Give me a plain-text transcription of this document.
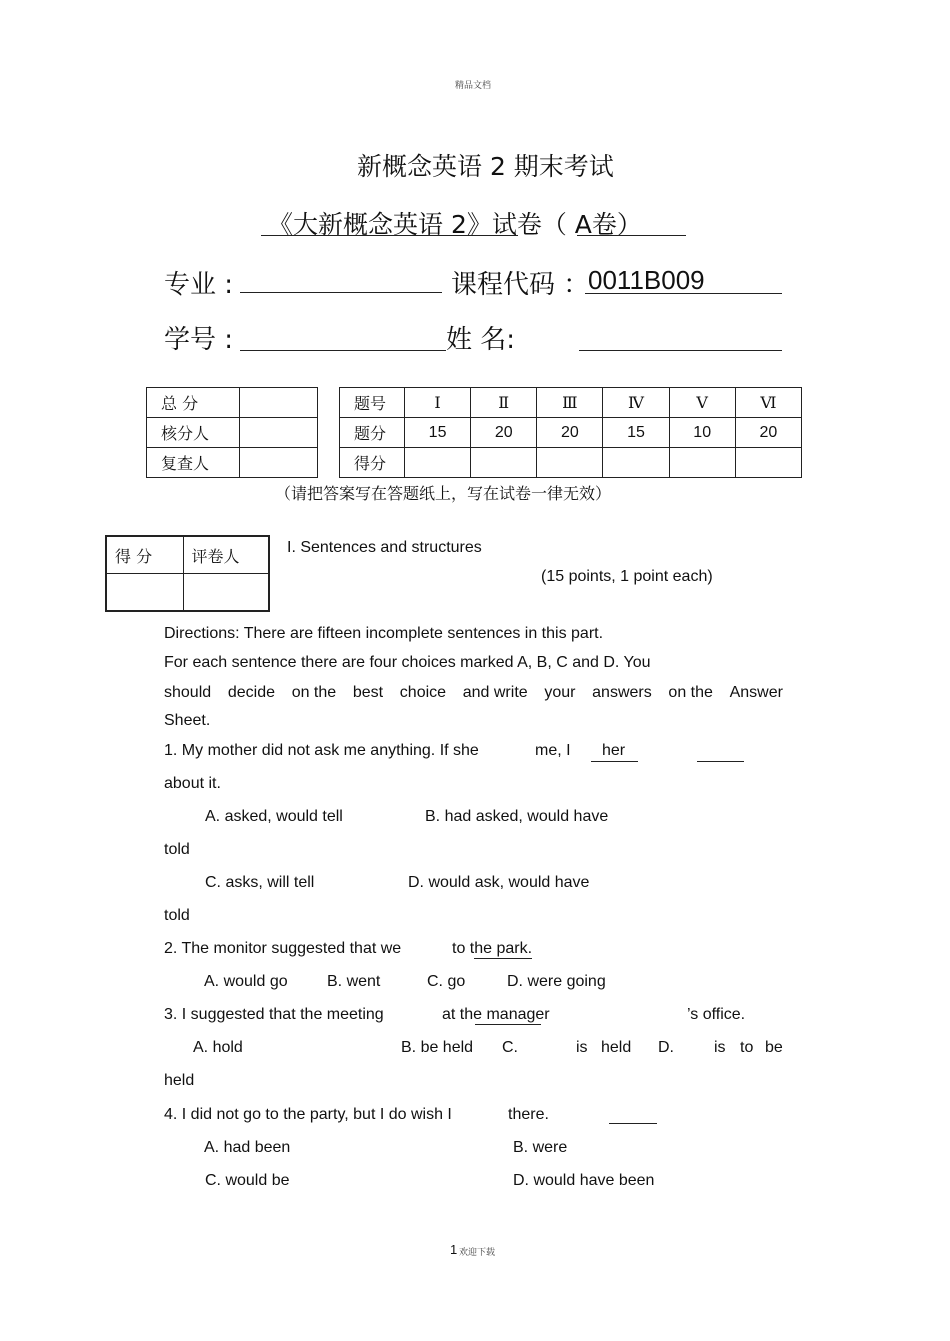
精品文档
新概念英语 2 期末考试
《大新概念英语 2》试卷（ A卷）
专业 :	课程代码 ：
0011B009
学号 :	姓 名:
总 分			题号	Ⅰ	Ⅱ	Ⅲ	Ⅳ	Ⅴ	Ⅵ
核分人			题分	15	20	20	15	10	20
复查人			得分						
（请把答案写在答题纸上，写在试卷一律无效）
得 分	评卷人
		I. Sentences and structures
(15 points, 1 point each)
Directions: There are fifteen incomplete sentences in this part.
For each sentence there are four choices marked A, B, C and D. You
should decide on the best choice and write your answers on the Answer
Sheet.
1. My mother did not ask me anything. If she	me, I her
about it.
A. asked, would tell	B. had asked, would have
told
C. asks, will tell	D. would ask, would have
told
2. The monitor suggested that we	to the park.
A. would go B. went	C. go	D. were going
3. I suggested that the meeting	at the manager	’s office.
A. hold	B. be held C.	is held D.	is to be
held
4. I did not go to the party, but I do wish I	there.
A. had been	B. were
C. would be	D. would have been
1 欢迎下载
